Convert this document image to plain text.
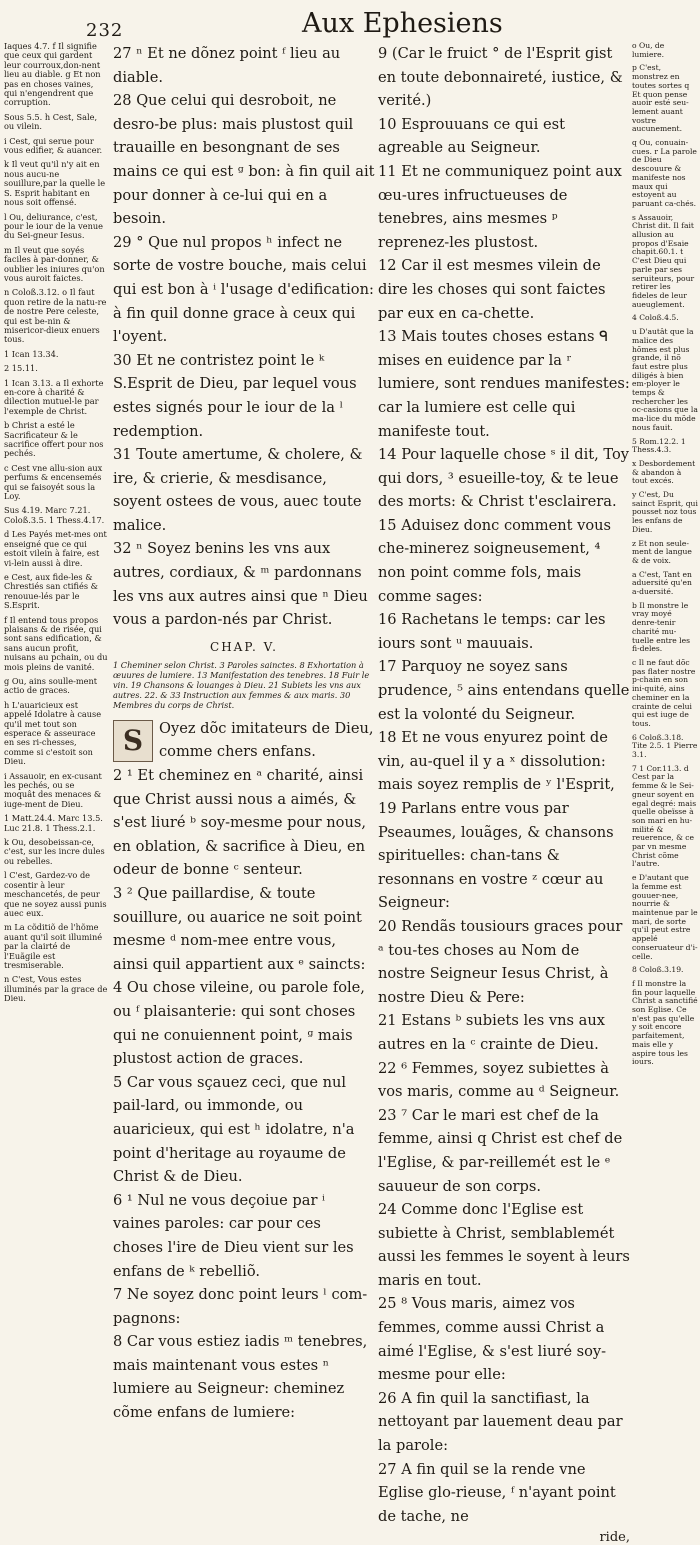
232	Aux Ephesiens

Iaques 4.7. f Il signifie que ceux qui gardent leur courroux,don-nent lieu au diable. g Et non pas en choses vaines, qui n'engendrent que corruption.

Sous 5.5. h Cest, Sale, ou vilein.

i Cest, qui serue pour vous edifier, & auancer.

k Il veut qu'il n'y ait en nous aucu-ne souillure,par la quelle le S. Esprit habitant en nous soit offensé.

l Ou, deliurance, c'est, pour le iour de la venue du Sei-gneur Iesus.

m Il veut que soyés faciles à par-donner, & oublier les iniures qu'on vous auroit faictes.

n Coloß.3.12. o Il faut quon retire de la natu-re de nostre Pere celeste, qui est be-nin & misericor-dieux enuers tous.

1 Ican 13.34.

2 15.11.

1 Ican 3.13. a Il exhorte en-core à charité & dilection mutuel-le par l'exemple de Christ.

b Christ a esté le Sacrificateur & le sacrifice offert pour nos pechés.

c Cest vne allu-sion aux perfums & encensemés qui se faisoyét sous la Loy.

Sus 4.19. Marc 7.21. Coloß.3.5. 1 Thess.4.17.

d Les Payés met-mes ont enseigné que ce qui estoit vilein à faire, est vi-lein aussi à dire.

e Cest, aux fide-les & Chrestiés san ctifiés & renouue-lés par le S.Esprit.

f Il entend tous propos plaisans & de risée, qui sont sans edification, & sans aucun profit, nuisans au pchain, ou du mois pleins de vanité.

g Ou, ains soulle-ment actio de graces.

h L'auaricieux est appelé Idolatre à cause qu'il met tout son esperace & asseurace en ses ri-chesses, comme si c'estoit son Dieu.

i Assauoir, en ex-cusant les pechés, ou se moquât des menaces & iuge-ment de Dieu.

1 Matt.24.4. Marc 13.5. Luc 21.8. 1 Thess.2.1.

k Ou, desobeissan-ce, c'est, sur les incre dules ou rebelles.

l C'est, Gardez-vo de cosentir à leur meschancetés, de peur que ne soyez aussi punis auec eux.

m La cõditiõ de l'hõme auant qu'il soit illuminé par la clairté de l'Euãgile est tresmiserable.

n C'est, Vous estes illuminés par la grace de Dieu.

27 ⁿ Et ne dõnez point ᶠ lieu au diable.

28 Que celui qui desroboit, ne desro-be plus: mais plustost quil trauaille en besongnant de ses mains ce qui est ᵍ bon: à fin quil ait pour donner à ce-lui qui en a besoin.

29 ° Que nul propos ʰ infect ne sorte de vostre bouche, mais celui qui est bon à ⁱ l'usage d'edification: à fin quil donne grace à ceux qui l'oyent.

30 Et ne contristez point le ᵏ S.Esprit de Dieu, par lequel vous estes signés pour le iour de la ˡ redemption.

31 Toute amertume, & cholere, & ire, & crierie, & mesdisance, soyent ostees de vous, auec toute malice.

32 ⁿ Soyez benins les vns aux autres, cordiaux, & ᵐ pardonnans les vns aux autres ainsi que ⁿ Dieu vous a pardon-nés par Christ.

CHAP. V.

1 Cheminer selon Christ. 3 Paroles sainctes. 8 Exhortation à œuures de lumiere. 13 Manifestation des tenebres. 18 Fuir le vin. 19 Chansons & louanges à Dieu. 21 Subiets les vns aux autres. 22. & 33 Instruction aux femmes & aux maris. 30 Membres du corps de Christ.

S	Oyez dõc imitateurs de Dieu, comme chers enfans.

2 ¹ Et cheminez en ᵃ charité, ainsi que Christ aussi nous a aimés, & s'est liuré ᵇ soy-mesme pour nous, en oblation, & sacrifice à Dieu, en odeur de bonne ᶜ senteur.

3 ² Que paillardise, & toute souillure, ou auarice ne soit point mesme ᵈ nom-mee entre vous, ainsi quil appartient aux ᵉ saincts:

4 Ou chose vileine, ou parole fole, ou ᶠ plaisanterie: qui sont choses qui ne conuiennent point, ᵍ mais plustost action de graces.

5 Car vous sçauez ceci, que nul pail-lard, ou immonde, ou auaricieux, qui est ʰ idolatre, n'a point d'heritage au royaume de Christ & de Dieu.

6 ¹ Nul ne vous deçoiue par ⁱ vaines paroles: car pour ces choses l'ire de Dieu vient sur les enfans de ᵏ rebelliõ.

7 Ne soyez donc point leurs ˡ com-pagnons:

8 Car vous estiez iadis ᵐ tenebres, mais maintenant vous estes ⁿ lumiere au Seigneur: cheminez cõme enfans de lumiere:

9 (Car le fruict ° de l'Esprit gist en toute debonnaireté, iustice, & verité.)

10 Esprouuans ce qui est agreable au Seigneur.

11 Et ne communiquez point aux œu-ures infructueuses de tenebres, ains mesmes ᵖ reprenez-les plustost.

12 Car il est mesmes vilein de dire les choses qui sont faictes par eux en ca-chette.

13 Mais toutes choses estans ᑫ mises en euidence par la ʳ lumiere, sont rendues manifestes: car la lumiere est celle qui manifeste tout.

14 Pour laquelle chose ˢ il dit, Toy qui dors, ³ esueille-toy, & te leue des morts: & Christ t'esclairera.

15 Aduisez donc comment vous che-minerez soigneusement, ⁴ non point comme fols, mais comme sages:

16 Rachetans le temps: car les iours sont ᵘ mauuais.

17 Parquoy ne soyez sans prudence, ⁵ ains entendans quelle est la volonté du Seigneur.

18 Et ne vous enyurez point de vin, au-quel il y a ˣ dissolution: mais soyez remplis de ʸ l'Esprit,

19 Parlans entre vous par Pseaumes, louãges, & chansons spirituelles: chan-tans & resonnans en vostre ᶻ cœur au Seigneur:

20 Rendãs tousiours graces pour ᵃ tou-tes choses au Nom de nostre Seigneur Iesus Christ, à nostre Dieu & Pere:

21 Estans ᵇ subiets les vns aux autres en la ᶜ crainte de Dieu.

22 ⁶ Femmes, soyez subiettes à vos maris, comme au ᵈ Seigneur.

23 ⁷ Car le mari est chef de la femme, ainsi q Christ est chef de l'Eglise, & par-reillemét est le ᵉ sauueur de son corps.

24 Comme donc l'Eglise est subiette à Christ, semblablemét aussi les femmes le soyent à leurs maris en tout.

25 ⁸ Vous maris, aimez vos femmes, comme aussi Christ a aimé l'Eglise, & s'est liuré soy-mesme pour elle:

26 A fin quil la sanctifiast, la nettoyant par lauement deau par la parole:

27 A fin quil se la rende vne Eglise glo-rieuse, ᶠ n'ayant point de tache, ne

ride,

o Ou, de lumiere.

p C'est, monstrez en toutes sortes q Et quon pense auoir esté seu-lement auant vostre aucunement.

q Ou, conuain-cues. r La parole de Dieu descouure & manifeste nos maux qui estoyent au paruant ca-chés.

s Assauoir, Christ dit. Il fait allusion au propos d'Esaie chapit.60.1. t C'est Dieu qui parle par ses seruiteurs, pour retirer les fideles de leur aueuglement.

4 Coloß.4.5.

u D'autât que la malice des hõmes est plus grande, il nõ faut estre plus diligés à bien em-ployer le temps & rechercher les oc-casions que la ma-lice du mõde nous fauit.

5 Rom.12.2. 1 Thess.4.3.

x Desbordement & abandon à tout excés.

y C'est, Du sainct Esprit, qui pousset noz tous les enfans de Dieu.

z Et non seule-ment de langue & de voix.

a C'est, Tant en aduersité qu'en a-duersité.

b Il monstre le vray moyé denre-tenir charité mu-tuelle entre les fi-deles.

c Il ne faut dõc pas flater nostre p-chain en son ini-quité, ains cheminer en la crainte de celui qui est iuge de tous.

6 Coloß.3.18. Tite 2.5. 1 Pierre 3.1.

7 1 Cor.11.3. d Cest par la femme & le Sei-gneur soyent en egal degré: mais quelle obeïsse à son mari en hu-milité & reuerence, & ce par vn mesme Christ cõme l'autre.

e D'autant que la femme est gouuer-nee, nourrie & maintenue par le mari, de sorte qu'il peut estre appelé conseruateur d'i-celle.

8 Coloß.3.19.

f Il monstre la fin pour laquelle Christ a sanctifié son Eglise. Ce n'est pas qu'elle y soit encore parfaitement, mais elle y aspire tous les iours.
